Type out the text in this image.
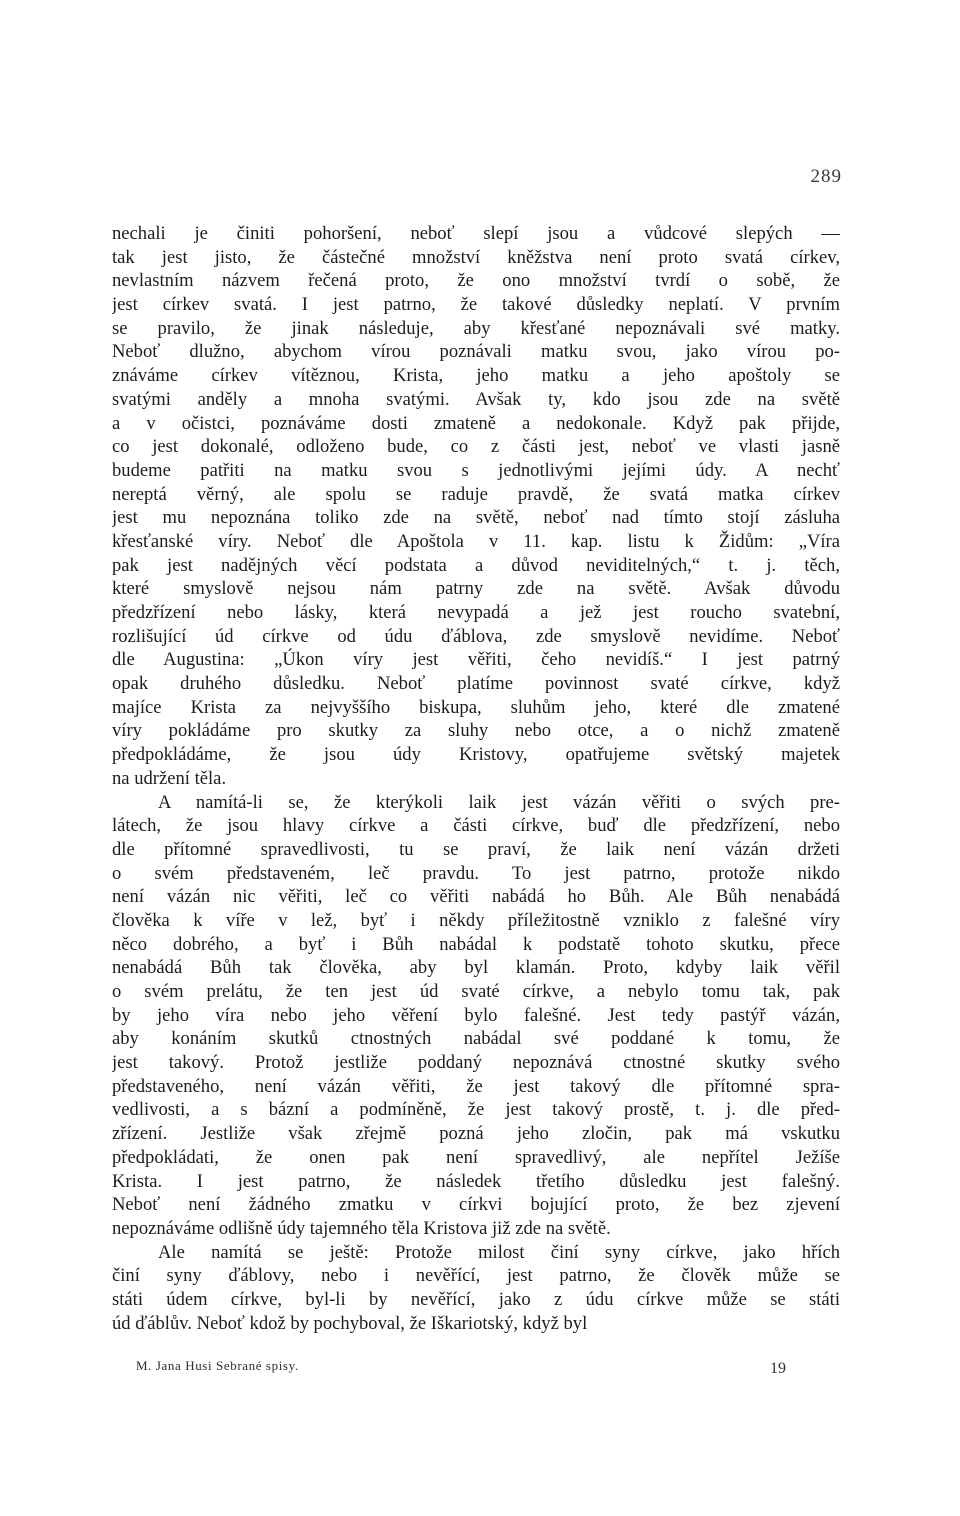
289
nechali je činiti pohoršení, neboť slepí jsou a vůdcové slepých —
tak jest jisto, že částečné množství kněžstva není proto svatá církev,
nevlastním názvem řečená proto, že ono množství tvrdí o sobě, že
jest církev svatá. I jest patrno, že takové důsledky neplatí. V prvním
se pravilo, že jinak následuje, aby křesťané nepoznávali své matky.
Neboť dlužno, abychom vírou poznávali matku svou, jako vírou po-
znáváme církev vítěznou, Krista, jeho matku a jeho apoštoly se
svatými anděly a mnoha svatými. Avšak ty, kdo jsou zde na světě
a v očistci, poznáváme dosti zmateně a nedokonale. Když pak přijde,
co jest dokonalé, odloženo bude, co z části jest, neboť ve vlasti jasně
budeme patřiti na matku svou s jednotlivými jejími údy. A nechť
nereptá věrný, ale spolu se raduje pravdě, že svatá matka církev
jest mu nepoznána toliko zde na světě, neboť nad tímto stojí zásluha
křesťanské víry. Neboť dle Apoštola v 11. kap. listu k Židům: „Víra
pak jest nadějných věcí podstata a důvod neviditelných,“ t. j. těch,
které smyslově nejsou nám patrny zde na světě. Avšak důvodu
předzřízení nebo lásky, která nevypadá a jež jest roucho svatební,
rozlišující úd církve od údu ďáblova, zde smyslově nevidíme. Neboť
dle Augustina: „Úkon víry jest věřiti, čeho nevidíš.“ I jest patrný
opak druhého důsledku. Neboť platíme povinnost svaté církve, když
majíce Krista za nejvyššího biskupa, sluhům jeho, které dle zmatené
víry pokládáme pro skutky za sluhy nebo otce, a o nichž zmateně
předpokládáme, že jsou údy Kristovy, opatřujeme světský majetek
na udržení těla.
A namítá-li se, že kterýkoli laik jest vázán věřiti o svých pre-
látech, že jsou hlavy církve a části církve, buď dle předzřízení, nebo
dle přítomné spravedlivosti, tu se praví, že laik není vázán držeti
o svém představeném, leč pravdu. To jest patrno, protože nikdo
není vázán nic věřiti, leč co věřiti nabádá ho Bůh. Ale Bůh nenabádá
člověka k víře v lež, byť i někdy příležitostně vzniklo z falešné víry
něco dobrého, a byť i Bůh nabádal k podstatě tohoto skutku, přece
nenabádá Bůh tak člověka, aby byl klamán. Proto, kdyby laik věřil
o svém prelátu, že ten jest úd svaté církve, a nebylo tomu tak, pak
by jeho víra nebo jeho věření bylo falešné. Jest tedy pastýř vázán,
aby konáním skutků ctnostných nabádal své poddané k tomu, že
jest takový. Protož jestliže poddaný nepoznává ctnostné skutky svého
představeného, není vázán věřiti, že jest takový dle přítomné spra-
vedlivosti, a s bázní a podmíněně, že jest takový prostě, t. j. dle před-
zřízení. Jestliže však zřejmě pozná jeho zločin, pak má vskutku
předpokládati, že onen pak není spravedlivý, ale nepřítel Ježíše
Krista. I jest patrno, že následek třetího důsledku jest falešný.
Neboť není žádného zmatku v církvi bojující proto, že bez zjevení
nepoznáváme odlišně údy tajemného těla Kristova již zde na světě.
Ale namítá se ještě: Protože milost činí syny církve, jako hřích
činí syny ďáblovy, nebo i nevěřící, jest patrno, že člověk může se
státi údem církve, byl-li by nevěřící, jako z údu církve může se státi
úd ďáblův. Neboť kdož by pochyboval, že Iškariotský, když byl
M. Jana Husi Sebrané spisy.	19
